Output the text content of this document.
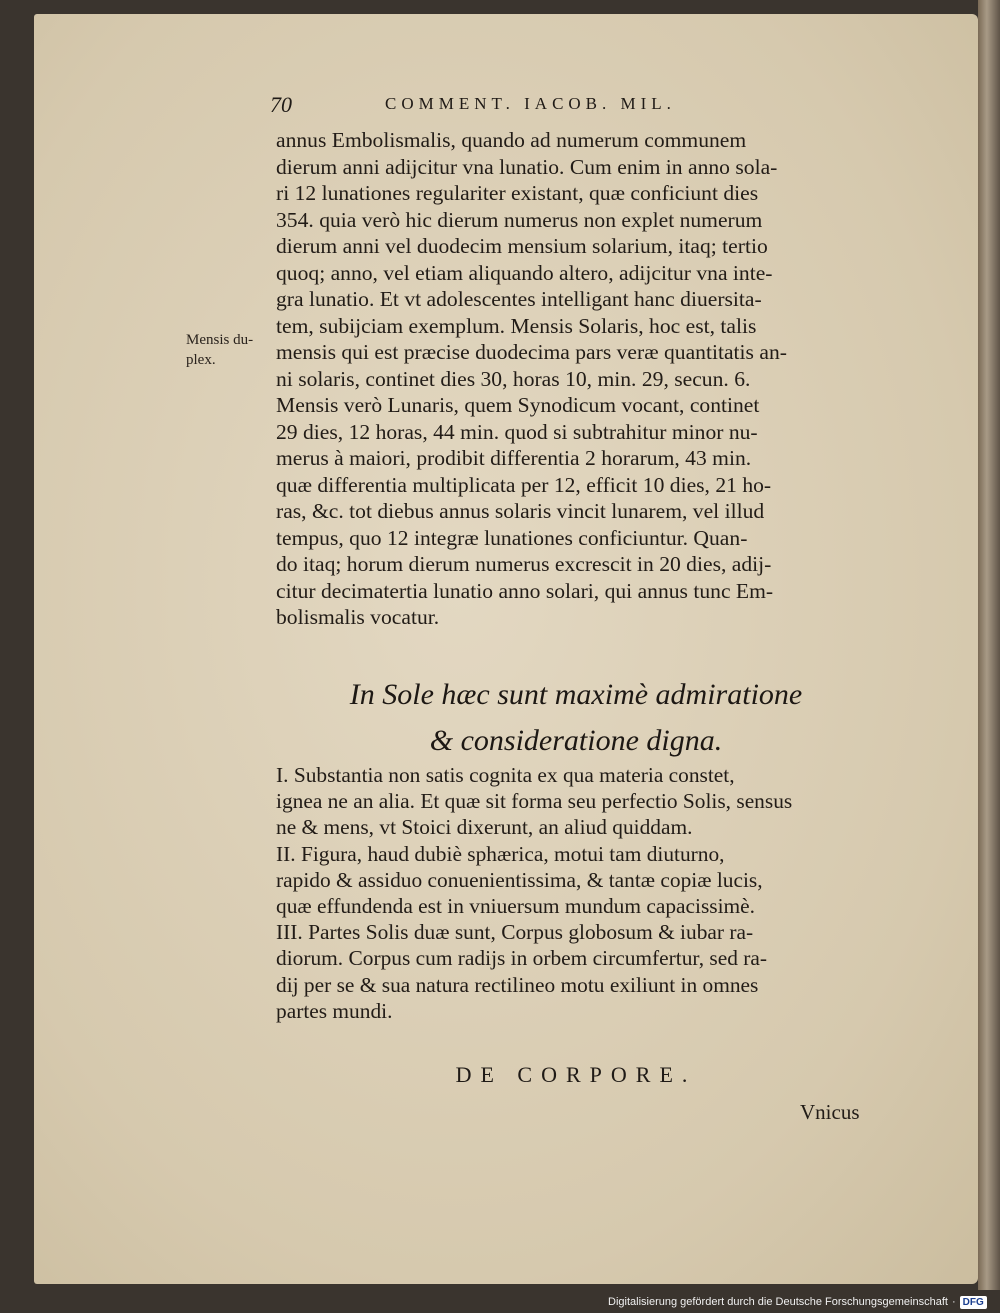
70	COMMENT. IACOB. MIL.
Mensis du-
plex.
annus Embolismalis, quando ad numerum communem
dierum anni adijcitur vna lunatio. Cum enim in anno sola-
ri 12 lunationes regulariter existant, quæ conficiunt dies
354. quia verò hic dierum numerus non explet numerum
dierum anni vel duodecim mensium solarium, itaq; tertio
quoq; anno, vel etiam aliquando altero, adijcitur vna inte-
gra lunatio. Et vt adolescentes intelligant hanc diuersita-
tem, subijciam exemplum. Mensis Solaris, hoc est, talis
mensis qui est præcise duodecima pars veræ quantitatis an-
ni solaris, continet dies 30, horas 10, min. 29, secun. 6.
Mensis verò Lunaris, quem Synodicum vocant, continet
29 dies, 12 horas, 44 min. quod si subtrahitur minor nu-
merus à maiori, prodibit differentia 2 horarum, 43 min.
quæ differentia multiplicata per 12, efficit 10 dies, 21 ho-
ras, &c. tot diebus annus solaris vincit lunarem, vel illud
tempus, quo 12 integræ lunationes conficiuntur. Quan-
do itaq; horum dierum numerus excrescit in 20 dies, adij-
citur decimatertia lunatio anno solari, qui annus tunc Em-
bolismalis vocatur.
In Sole hæc sunt maximè admiratione
& consideratione digna.
I. Substantia non satis cognita ex qua materia constet,
ignea ne an alia. Et quæ sit forma seu perfectio Solis, sensus
ne & mens, vt Stoici dixerunt, an aliud quiddam.
II. Figura, haud dubiè sphærica, motui tam diuturno,
rapido & assiduo conuenientissima, & tantæ copiæ lucis,
quæ effundenda est in vniuersum mundum capacissimè.
III. Partes Solis duæ sunt, Corpus globosum & iubar ra-
diorum. Corpus cum radijs in orbem circumfertur, sed ra-
dij per se & sua natura rectilineo motu exiliunt in omnes
partes mundi.
DE CORPORE.
Vnicus
Digitalisierung gefördert durch die Deutsche Forschungsgemeinschaft · DFG
